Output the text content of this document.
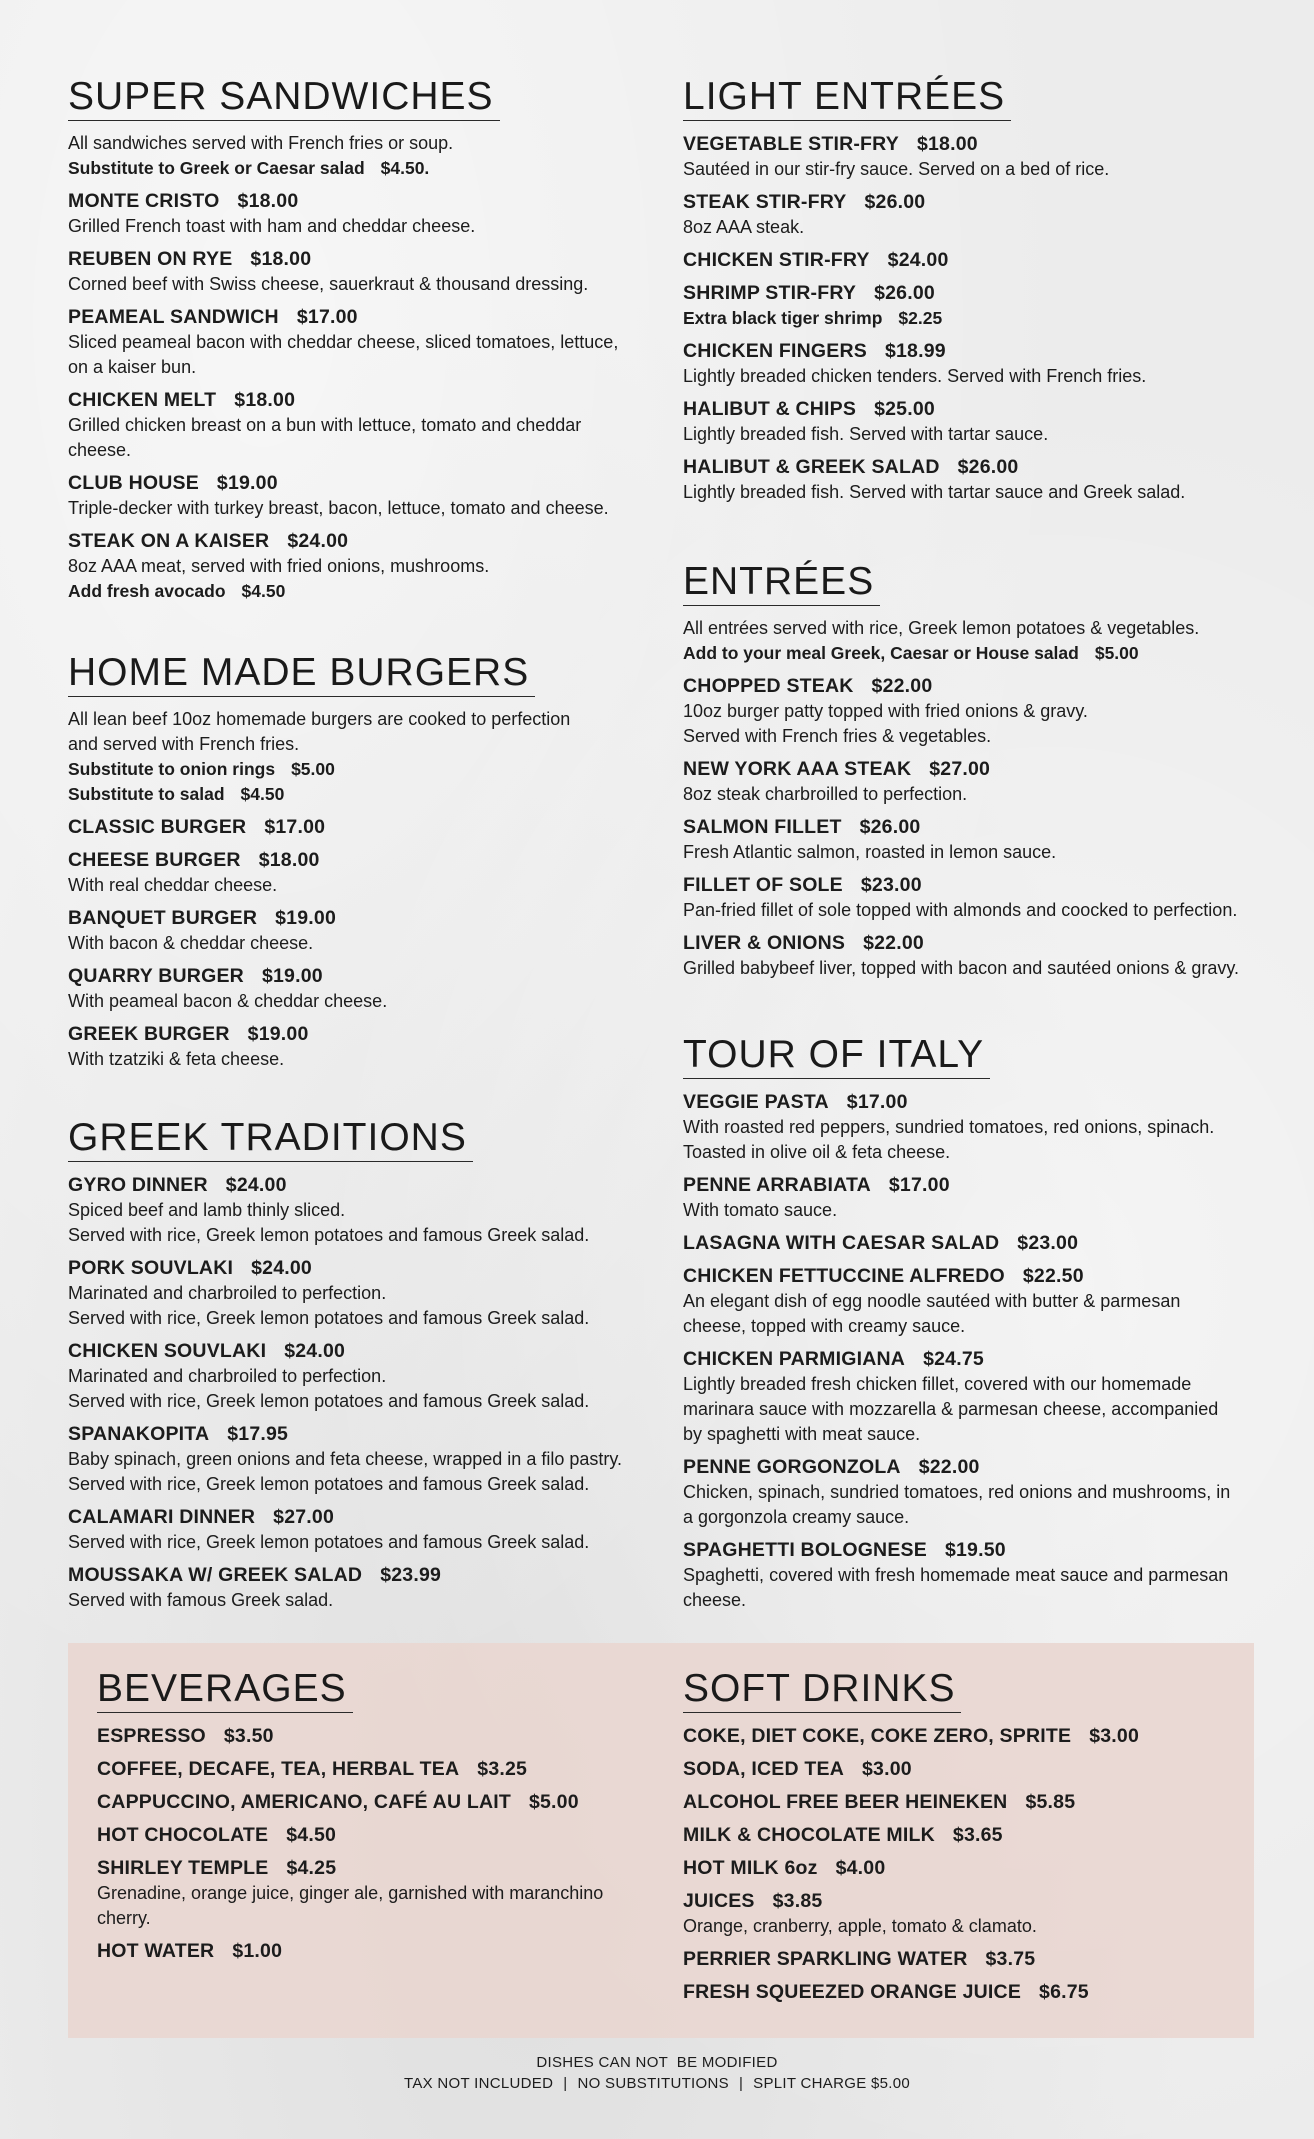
SUPER SANDWICHES
All sandwiches served with French fries or soup.
Substitute to Greek or Caesar salad $4.50.
MONTE CRISTO $18.00
Grilled French toast with ham and cheddar cheese.
REUBEN ON RYE $18.00
Corned beef with Swiss cheese, sauerkraut & thousand dressing.
PEAMEAL SANDWICH $17.00
Sliced peameal bacon with cheddar cheese, sliced tomatoes, lettuce, on a kaiser bun.
CHICKEN MELT $18.00
Grilled chicken breast on a bun with lettuce, tomato and cheddar cheese.
CLUB HOUSE $19.00
Triple-decker with turkey breast, bacon, lettuce, tomato and cheese.
STEAK ON A KAISER $24.00
8oz AAA meat, served with fried onions, mushrooms.
Add fresh avocado $4.50
HOME MADE BURGERS
All lean beef 10oz homemade burgers are cooked to perfection and served with French fries.
Substitute to onion rings $5.00
Substitute to salad $4.50
CLASSIC BURGER $17.00
CHEESE BURGER $18.00
With real cheddar cheese.
BANQUET BURGER $19.00
With bacon & cheddar cheese.
QUARRY BURGER $19.00
With peameal bacon & cheddar cheese.
GREEK BURGER $19.00
With tzatziki & feta cheese.
GREEK TRADITIONS
GYRO DINNER $24.00
Spiced beef and lamb thinly sliced.
Served with rice, Greek lemon potatoes and famous Greek salad.
PORK SOUVLAKI $24.00
Marinated and charbroiled to perfection.
Served with rice, Greek lemon potatoes and famous Greek salad.
CHICKEN SOUVLAKI $24.00
Marinated and charbroiled to perfection.
Served with rice, Greek lemon potatoes and famous Greek salad.
SPANAKOPITA $17.95
Baby spinach, green onions and feta cheese, wrapped in a filo pastry.
Served with rice, Greek lemon potatoes and famous Greek salad.
CALAMARI DINNER $27.00
Served with rice, Greek lemon potatoes and famous Greek salad.
MOUSSAKA W/ GREEK SALAD $23.99
Served with famous Greek salad.
LIGHT ENTRÉES
VEGETABLE STIR-FRY $18.00
Sautéed in our stir-fry sauce. Served on a bed of rice.
STEAK STIR-FRY $26.00
8oz AAA steak.
CHICKEN STIR-FRY $24.00
SHRIMP STIR-FRY $26.00
Extra black tiger shrimp $2.25
CHICKEN FINGERS $18.99
Lightly breaded chicken tenders. Served with French fries.
HALIBUT & CHIPS $25.00
Lightly breaded fish. Served with tartar sauce.
HALIBUT & GREEK SALAD $26.00
Lightly breaded fish. Served with tartar sauce and Greek salad.
ENTRÉES
All entrées served with rice, Greek lemon potatoes & vegetables.
Add to your meal Greek, Caesar or House salad $5.00
CHOPPED STEAK $22.00
10oz burger patty topped with fried onions & gravy.
Served with French fries & vegetables.
NEW YORK AAA STEAK $27.00
8oz steak charbroilled to perfection.
SALMON FILLET $26.00
Fresh Atlantic salmon, roasted in lemon sauce.
FILLET OF SOLE $23.00
Pan-fried fillet of sole topped with almonds and coocked to perfection.
LIVER & ONIONS $22.00
Grilled babybeef liver, topped with bacon and sautéed onions & gravy.
TOUR OF ITALY
VEGGIE PASTA $17.00
With roasted red peppers, sundried tomatoes, red onions, spinach. Toasted in olive oil & feta cheese.
PENNE ARRABIATA $17.00
With tomato sauce.
LASAGNA WITH CAESAR SALAD $23.00
CHICKEN FETTUCCINE ALFREDO $22.50
An elegant dish of egg noodle sautéed with butter & parmesan cheese, topped with creamy sauce.
CHICKEN PARMIGIANA $24.75
Lightly breaded fresh chicken fillet, covered with our homemade marinara sauce with mozzarella & parmesan cheese, accompanied by spaghetti with meat sauce.
PENNE GORGONZOLA $22.00
Chicken, spinach, sundried tomatoes, red onions and mushrooms, in a gorgonzola creamy sauce.
SPAGHETTI BOLOGNESE $19.50
Spaghetti, covered with fresh homemade meat sauce and parmesan cheese.
BEVERAGES
ESPRESSO $3.50
COFFEE, DECAFE, TEA, HERBAL TEA $3.25
CAPPUCCINO, AMERICANO, CAFÉ AU LAIT $5.00
HOT CHOCOLATE $4.50
SHIRLEY TEMPLE $4.25
Grenadine, orange juice, ginger ale, garnished with maranchino cherry.
HOT WATER $1.00
SOFT DRINKS
COKE, DIET COKE, COKE ZERO, SPRITE $3.00
SODA, ICED TEA $3.00
ALCOHOL FREE BEER HEINEKEN $5.85
MILK & CHOCOLATE MILK $3.65
HOT MILK 6oz $4.00
JUICES $3.85
Orange, cranberry, apple, tomato & clamato.
PERRIER SPARKLING WATER $3.75
FRESH SQUEEZED ORANGE JUICE $6.75
DISHES CAN NOT  BE MODIFIED
TAX NOT INCLUDED | NO SUBSTITUTIONS | SPLIT CHARGE $5.00
